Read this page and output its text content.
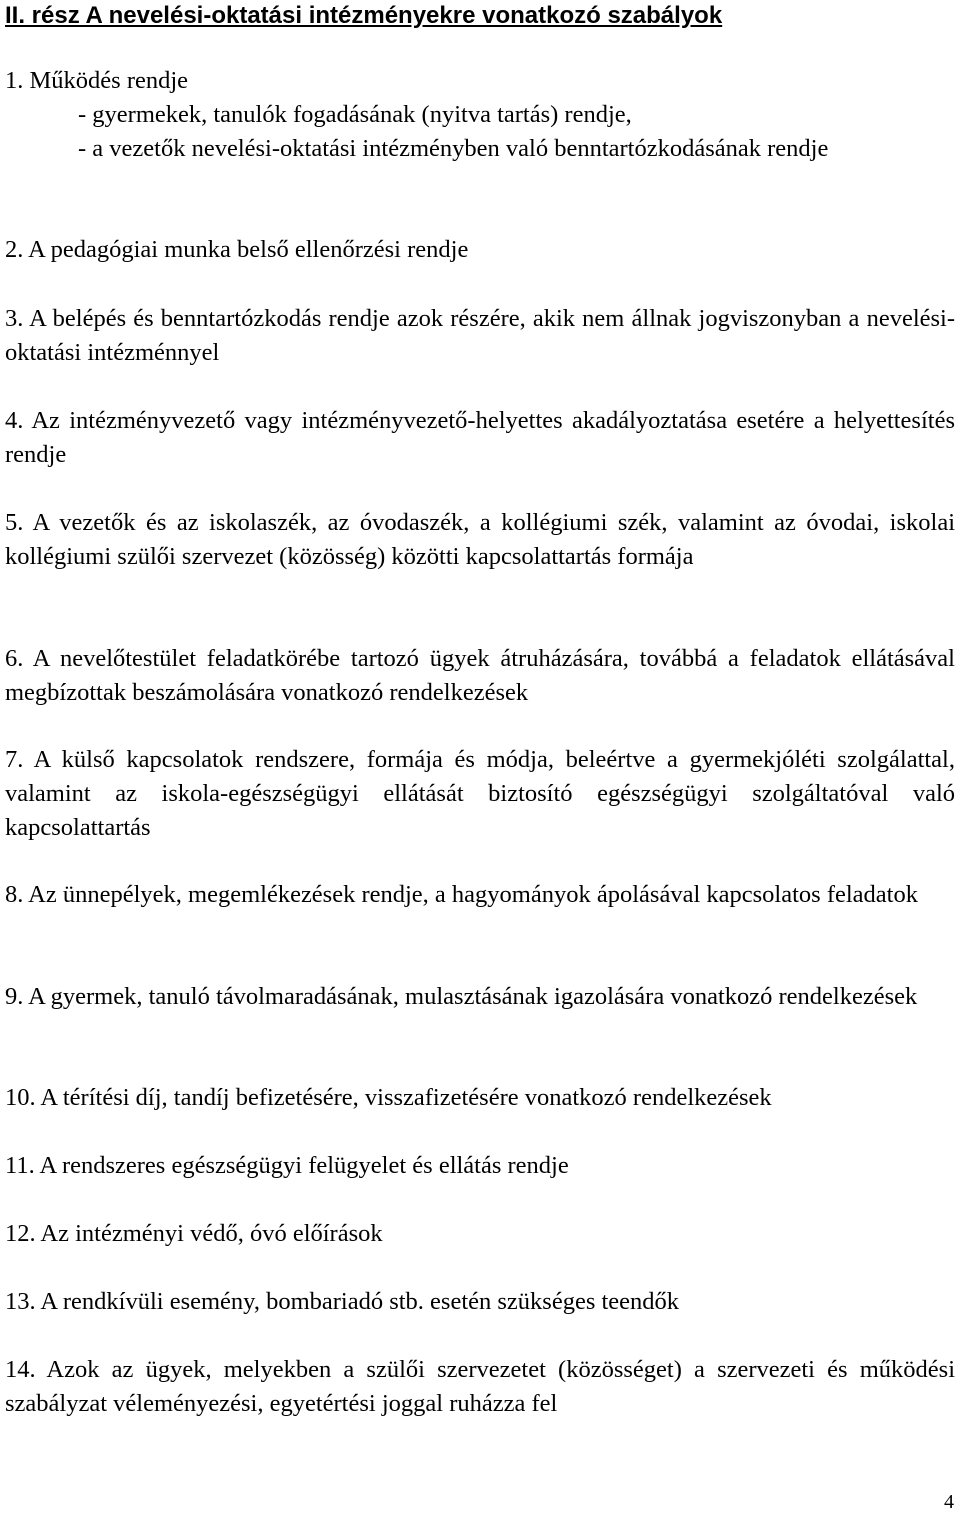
II. rész A nevelési-oktatási intézményekre vonatkozó szabályok
1. Működés rendje
- gyermekek, tanulók fogadásának (nyitva tartás) rendje,
- a vezetők nevelési-oktatási intézményben való benntartózkodásának rendje
2. A pedagógiai munka belső ellenőrzési rendje
3. A belépés és benntartózkodás rendje azok részére, akik nem állnak jogviszonyban a nevelési-oktatási intézménnyel
4. Az intézményvezető vagy intézményvezető-helyettes akadályoztatása esetére a helyettesítés rendje
5. A vezetők és az iskolaszék, az óvodaszék, a kollégiumi szék, valamint az óvodai, iskolai kollégiumi szülői szervezet (közösség) közötti kapcsolattartás formája
6. A nevelőtestület feladatkörébe tartozó ügyek átruházására, továbbá a feladatok ellátásával megbízottak beszámolására vonatkozó rendelkezések
7. A külső kapcsolatok rendszere, formája és módja, beleértve a gyermekjóléti szolgálattal, valamint az iskola-egészségügyi ellátását biztosító egészségügyi szolgáltatóval való kapcsolattartás
8. Az ünnepélyek, megemlékezések rendje, a hagyományok ápolásával kapcsolatos feladatok
9. A gyermek, tanuló távolmaradásának, mulasztásának igazolására vonatkozó rendelkezések
10. A térítési díj, tandíj befizetésére, visszafizetésére vonatkozó rendelkezések
11. A rendszeres egészségügyi felügyelet és ellátás rendje
12. Az intézményi védő, óvó előírások
13. A rendkívüli esemény, bombariadó stb. esetén szükséges teendők
14. Azok az ügyek, melyekben a szülői szervezetet (közösséget) a szervezeti és működési szabályzat véleményezési, egyetértési joggal ruházza fel
4
